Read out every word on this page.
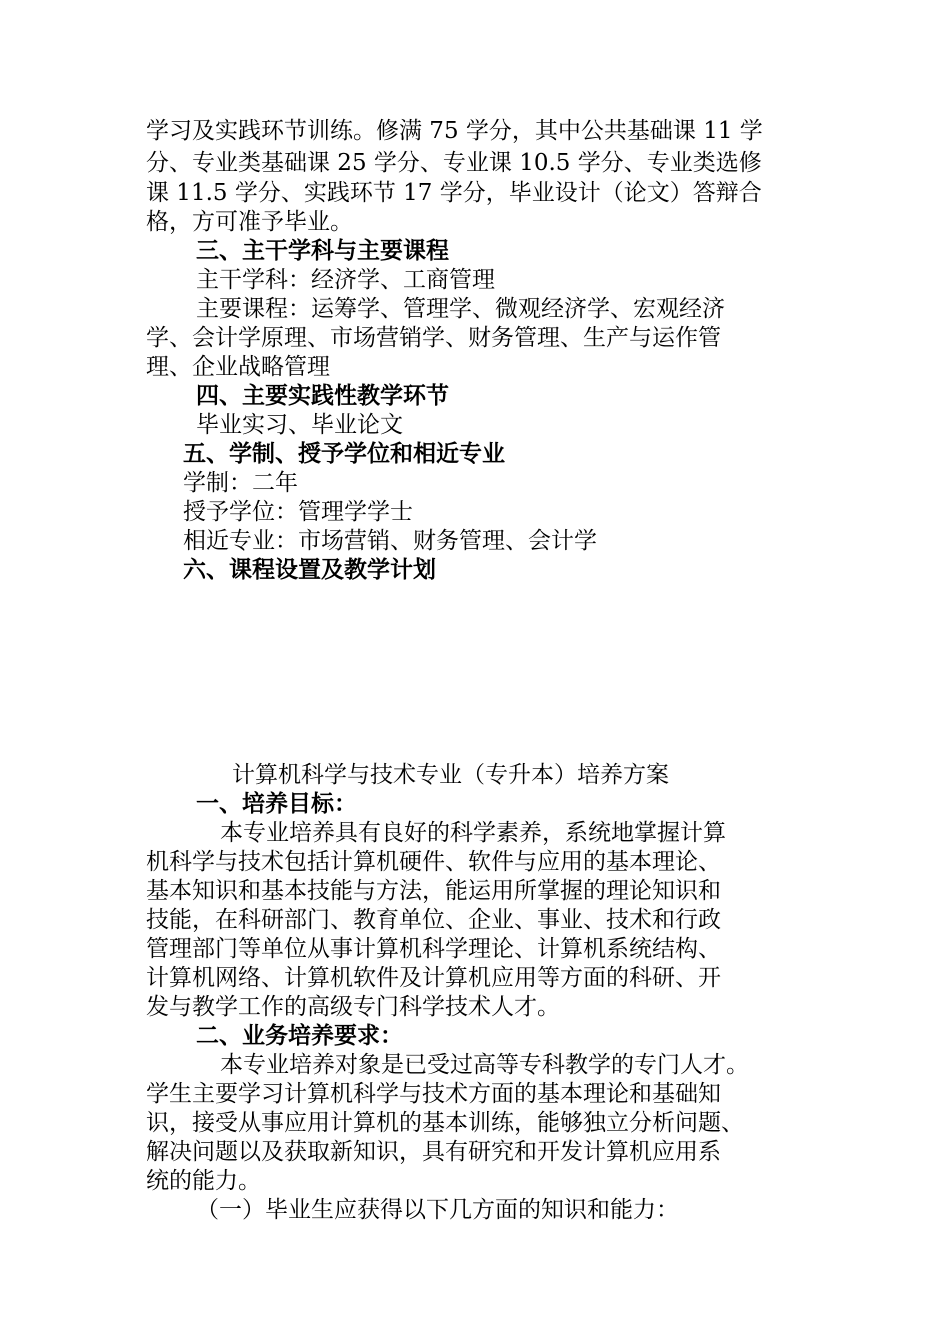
学习及实践环节训练。修满 75 学分，其中公共基础课 11 学
分、专业类基础课 25 学分、专业课 10.5 学分、专业类选修
课 11.5 学分、实践环节 17 学分，毕业设计（论文）答辩合
格，方可准予毕业。
三、主干学科与主要课程
主干学科：经济学、工商管理
主要课程：运筹学、管理学、微观经济学、宏观经济
学、会计学原理、市场营销学、财务管理、生产与运作管
理、企业战略管理
四、主要实践性教学环节
毕业实习、毕业论文
五、学制、授予学位和相近专业
学制：二年
授予学位：管理学学士
相近专业：市场营销、财务管理、会计学
六、课程设置及教学计划
计算机科学与技术专业（专升本）培养方案
一、培养目标：
本专业培养具有良好的科学素养，系统地掌握计算
机科学与技术包括计算机硬件、软件与应用的基本理论、
基本知识和基本技能与方法，能运用所掌握的理论知识和
技能，在科研部门、教育单位、企业、事业、技术和行政
管理部门等单位从事计算机科学理论、计算机系统结构、
计算机网络、计算机软件及计算机应用等方面的科研、开
发与教学工作的高级专门科学技术人才。
二、业务培养要求：
本专业培养对象是已受过高等专科教学的专门人才。
学生主要学习计算机科学与技术方面的基本理论和基础知
识，接受从事应用计算机的基本训练，能够独立分析问题、
解决问题以及获取新知识，具有研究和开发计算机应用系
统的能力。
（一）毕业生应获得以下几方面的知识和能力：
